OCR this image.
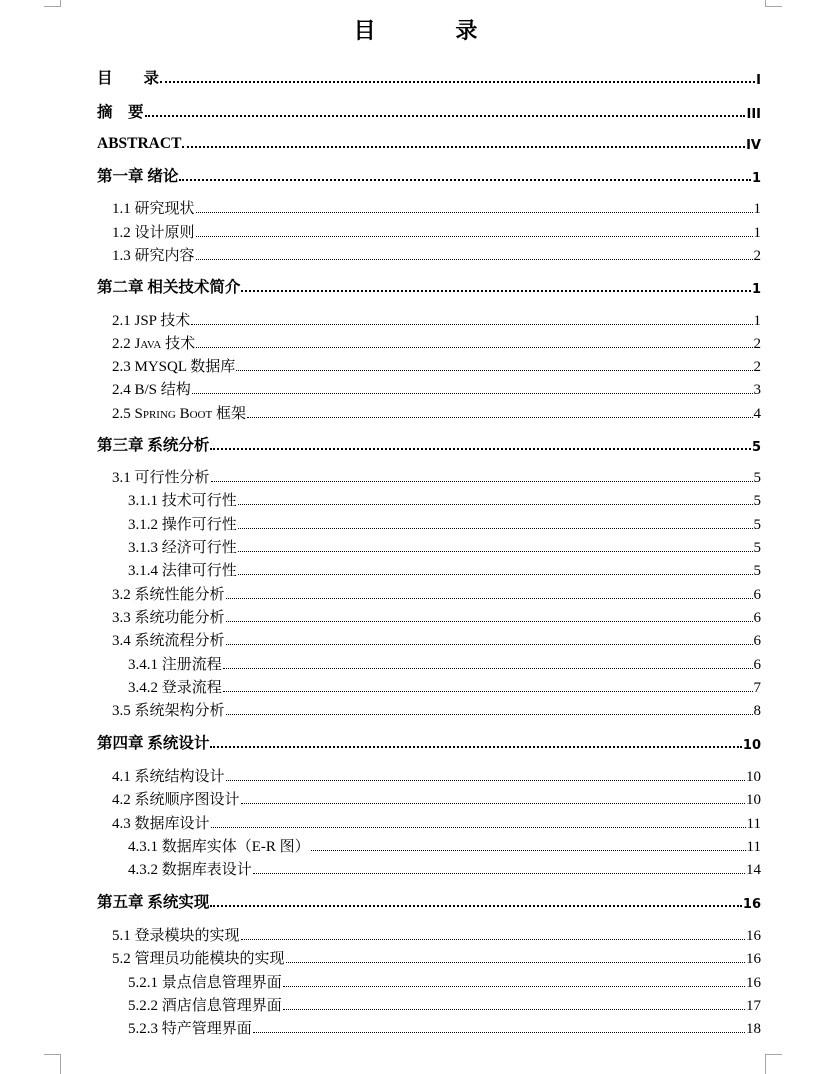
目 录
目　　录	I
摘　要	III
ABSTRACT	IV
第一章 绪论	1
1.1 研究现状	1
1.2 设计原则	1
1.3 研究内容	2
第二章 相关技术简介	1
2.1 JSP 技术	1
2.2 Java 技术	2
2.3 MYSQL 数据库	2
2.4 B/S 结构	3
2.5 Spring Boot 框架	4
第三章 系统分析	5
3.1 可行性分析	5
3.1.1 技术可行性	5
3.1.2 操作可行性	5
3.1.3 经济可行性	5
3.1.4 法律可行性	5
3.2 系统性能分析	6
3.3 系统功能分析	6
3.4 系统流程分析	6
3.4.1 注册流程	6
3.4.2 登录流程	7
3.5 系统架构分析	8
第四章 系统设计	10
4.1 系统结构设计	10
4.2 系统顺序图设计	10
4.3 数据库设计	11
4.3.1 数据库实体（E-R 图）	11
4.3.2 数据库表设计	14
第五章 系统实现	16
5.1 登录模块的实现	16
5.2 管理员功能模块的实现	16
5.2.1 景点信息管理界面	16
5.2.2 酒店信息管理界面	17
5.2.3 特产管理界面	18
